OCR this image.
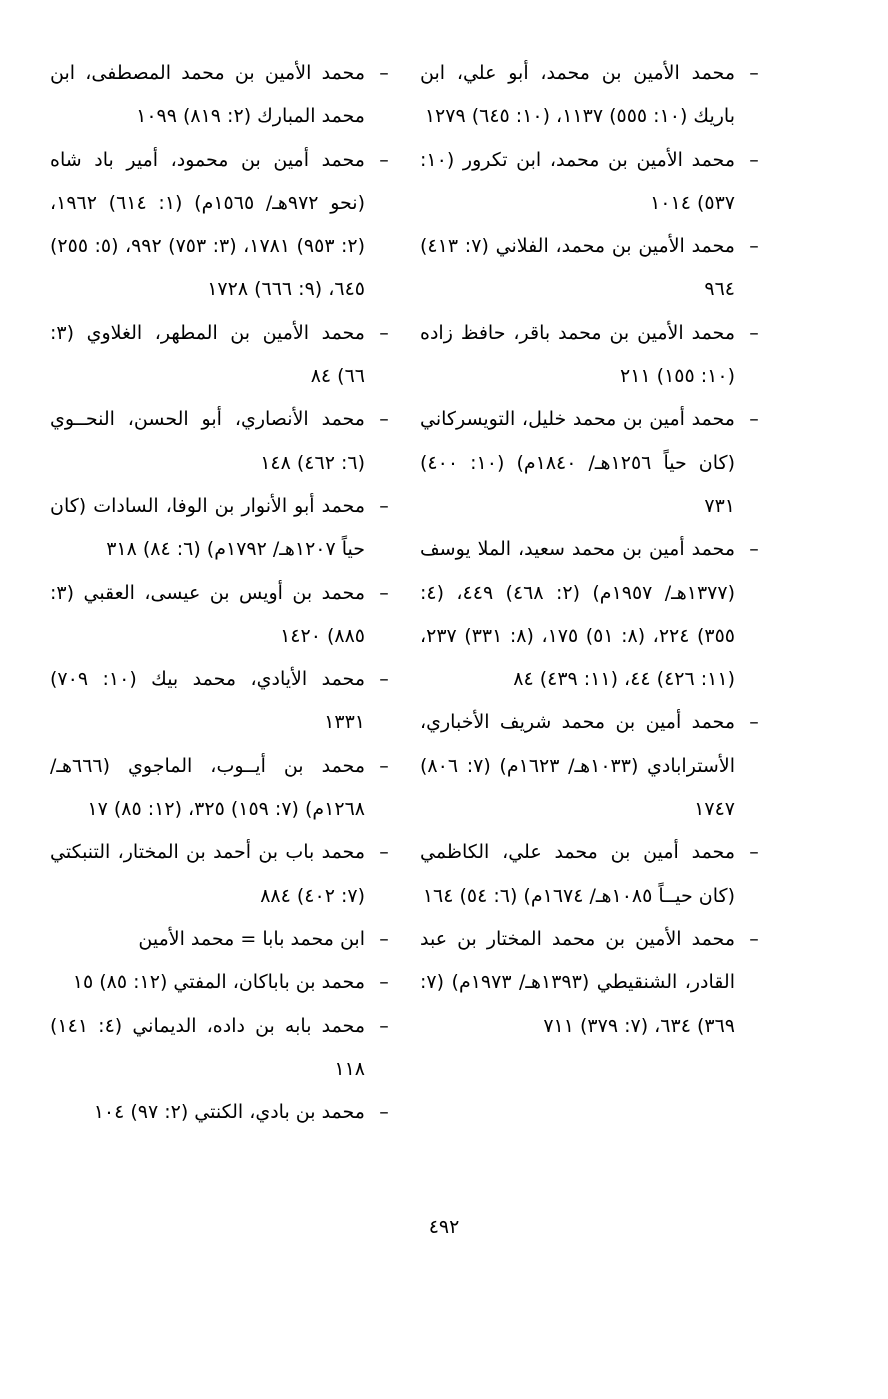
–
محمد الأمين بن محمد، أبو علي، ابن باريك (١٠: ٥٥٥) ١١٣٧، (١٠: ٦٤٥) ١٢٧٩

–
محمد الأمين بن محمد، ابن تكرور (١٠: ٥٣٧) ١٠١٤

–
محمد الأمين بن محمد، الفلاني (٧: ٤١٣) ٩٦٤

–
محمد الأمين بن محمد باقر، حافظ زاده (١٠: ١٥٥) ٢١١

–
محمد أمين بن محمد خليل، التويسركاني (كان حياً ١٢٥٦هـ/ ١٨٤٠م) (١٠: ٤٠٠) ٧٣١

–
محمد أمين بن محمد سعيد، الملا يوسف (١٣٧٧هـ/ ١٩٥٧م) (٢: ٤٦٨) ٤٤٩، (٤: ٣٥٥) ٢٢٤، (٨: ٥١) ١٧٥، (٨: ٣٣١) ٢٣٧، (١١: ٤٢٦) ٤٤، (١١: ٤٣٩) ٨٤

–
محمد أمين بن محمد شريف الأخباري، الأسترابادي (١٠٣٣هـ/ ١٦٢٣م) (٧: ٨٠٦) ١٧٤٧

–
محمد أمين بن محمد علي، الكاظمي (كان حيــاً ١٠٨٥هـ/ ١٦٧٤م) (٦: ٥٤) ١٦٤

–
محمد الأمين بن محمد المختار بن عبد القادر، الشنقيطي (١٣٩٣هـ/ ١٩٧٣م) (٧: ٣٦٩) ٦٣٤، (٧: ٣٧٩) ٧١١

–
محمد الأمين بن محمد المصطفى، ابن محمد المبارك (٢: ٨١٩) ١٠٩٩

–
محمد أمين بن محمود، أمير باد شاه (نحو ٩٧٢هـ/ ١٥٦٥م) (١: ٦١٤) ١٩٦٢، (٢: ٩٥٣) ١٧٨١، (٣: ٧٥٣) ٩٩٢، (٥: ٢٥٥) ٦٤٥، (٩: ٦٦٦) ١٧٢٨

–
محمد الأمين بن المطهر، الغلاوي (٣: ٦٦) ٨٤

–
محمد الأنصاري، أبو الحسن، النحــوي (٦: ٤٦٢) ١٤٨

–
محمد أبو الأنوار بن الوفا، السادات (كان حياً ١٢٠٧هـ/ ١٧٩٢م) (٦: ٨٤) ٣١٨

–
محمد بن أويس بن عيسى، العقبي (٣: ٨٨٥) ١٤٢٠

–
محمد الأيادي، محمد بيك (١٠: ٧٠٩) ١٣٣١

–
محمد بن أيــوب، الماجوي (٦٦٦هـ/ ١٢٦٨م) (٧: ١٥٩) ٣٢٥، (١٢: ٨٥) ١٧

–
محمد باب بن أحمد بن المختار، التنبكتي (٧: ٤٠٢) ٨٨٤

–
ابن محمد بابا = محمد الأمين

–
محمد بن باباكان، المفتي (١٢: ٨٥) ١٥

–
محمد بابه بن داده، الديماني (٤: ١٤١) ١١٨

–
محمد بن بادي، الكنتي (٢: ٩٧) ١٠٤

٤٩٢
